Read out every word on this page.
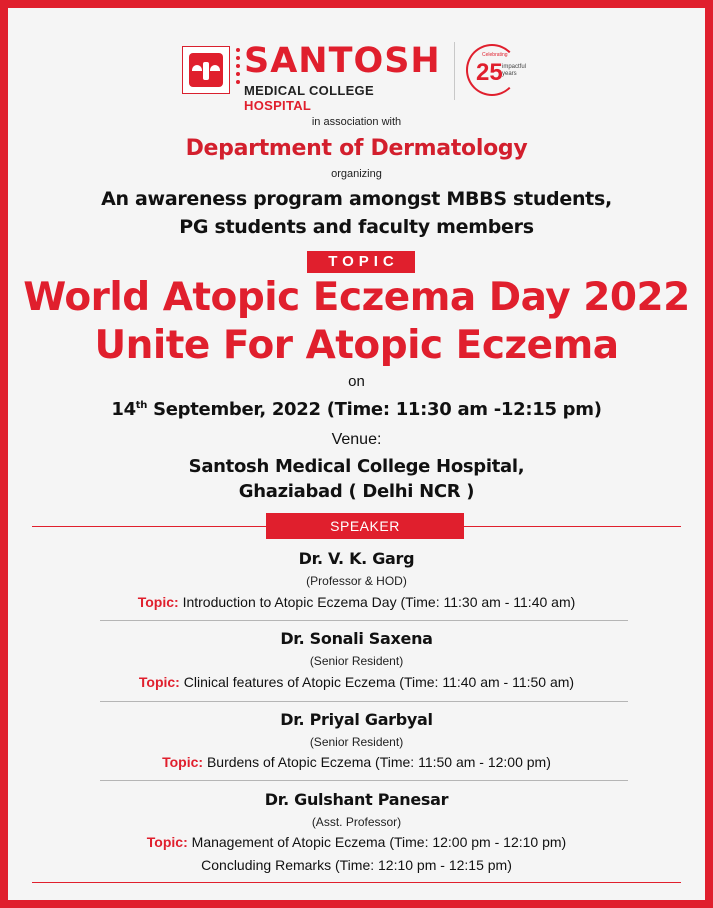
SANTOSH
MEDICAL COLLEGE HOSPITAL
Celebrating
25 impactful
years

in association with

Department of Dermatology

organizing

An awareness program amongst MBBS students,

PG students and faculty members

TOPIC

World Atopic Eczema Day 2022

Unite For Atopic Eczema

on

14th September, 2022 (Time: 11:30 am -12:15 pm)

Venue:

Santosh Medical College Hospital,

Ghaziabad ( Delhi NCR )

SPEAKER
Dr. V. K. Garg
(Professor & HOD)
Topic: Introduction to Atopic Eczema Day (Time: 11:30 am - 11:40 am)
Dr. Sonali Saxena
(Senior Resident)
Topic: Clinical features of Atopic Eczema (Time: 11:40 am - 11:50 am)
Dr. Priyal Garbyal
(Senior Resident)
Topic: Burdens of Atopic Eczema (Time: 11:50 am - 12:00 pm)
Dr. Gulshant Panesar
(Asst. Professor)
Topic: Management of Atopic Eczema (Time: 12:00 pm - 12:10 pm)
Concluding Remarks (Time: 12:10 pm - 12:15 pm)
